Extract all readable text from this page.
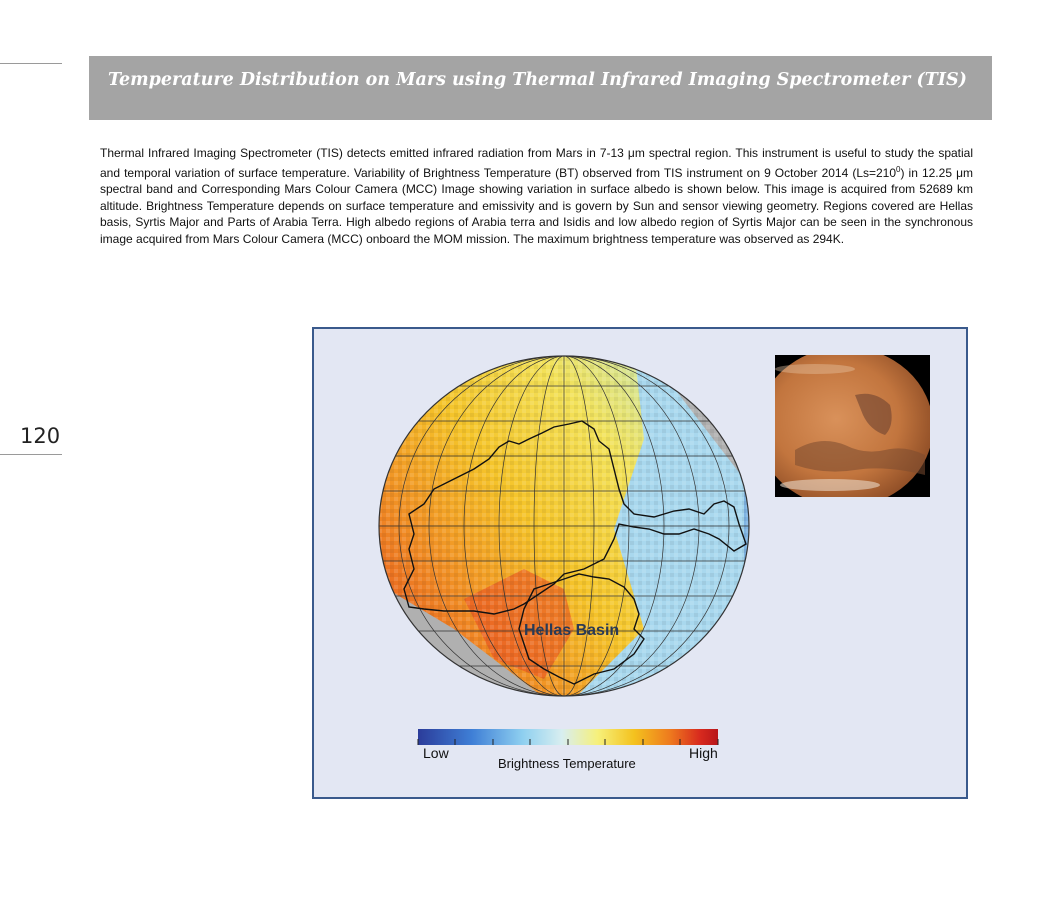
120
Temperature Distribution on Mars using Thermal Infrared Imaging Spectrometer (TIS)
Thermal Infrared Imaging Spectrometer (TIS) detects emitted infrared radiation from Mars in 7-13 μm spectral region. This instrument is useful to study the spatial and temporal variation of surface temperature. Variability of Brightness Temperature (BT) observed from TIS instrument on 9 October 2014 $(Ls=210^0)$ in 12.25 μm spectral band and Corresponding Mars Colour Camera (MCC) Image showing variation in surface albedo is shown below. This image is acquired from 52689 km altitude. Brightness Temperature depends on surface temperature and emissivity and is govern by Sun and sensor viewing geometry. Regions covered are Hellas basis, Syrtis Major and Parts of Arabia Terra. High albedo regions of Arabia terra and Isidis and low albedo region of Syrtis Major can be seen in the synchronous image acquired from Mars Colour Camera (MCC) onboard the MOM mission. The maximum brightness temperature was observed as 294K.
Hellas Basin
Low	High
Brightness Temperature
